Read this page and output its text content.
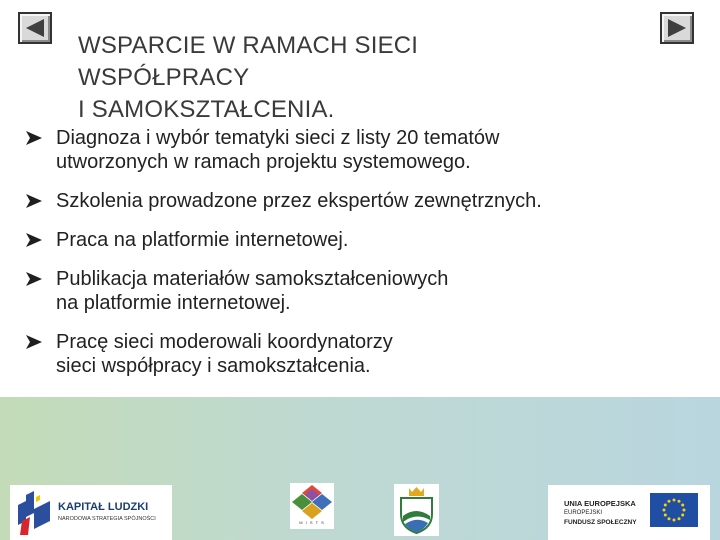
WSPARCIE W RAMACH SIECI
WSPÓŁPRACY
I SAMOKSZTAŁCENIA.
Diagnoza i wybór tematyki sieci z listy 20 tematów
utworzonych w ramach projektu systemowego.
Szkolenia prowadzone przez ekspertów zewnętrznych.
Praca na platformie internetowej.
Publikacja materiałów samokształceniowych
na platformie internetowej.
Pracę sieci moderowali koordynatorzy
sieci współpracy i samokształcenia.
KAPITAŁ LUDZKI
NARODOWA STRATEGIA SPÓJNOŚCI
M I S T S
UNIA EUROPEJSKA
EUROPEJSKI
FUNDUSZ SPOŁECZNY
